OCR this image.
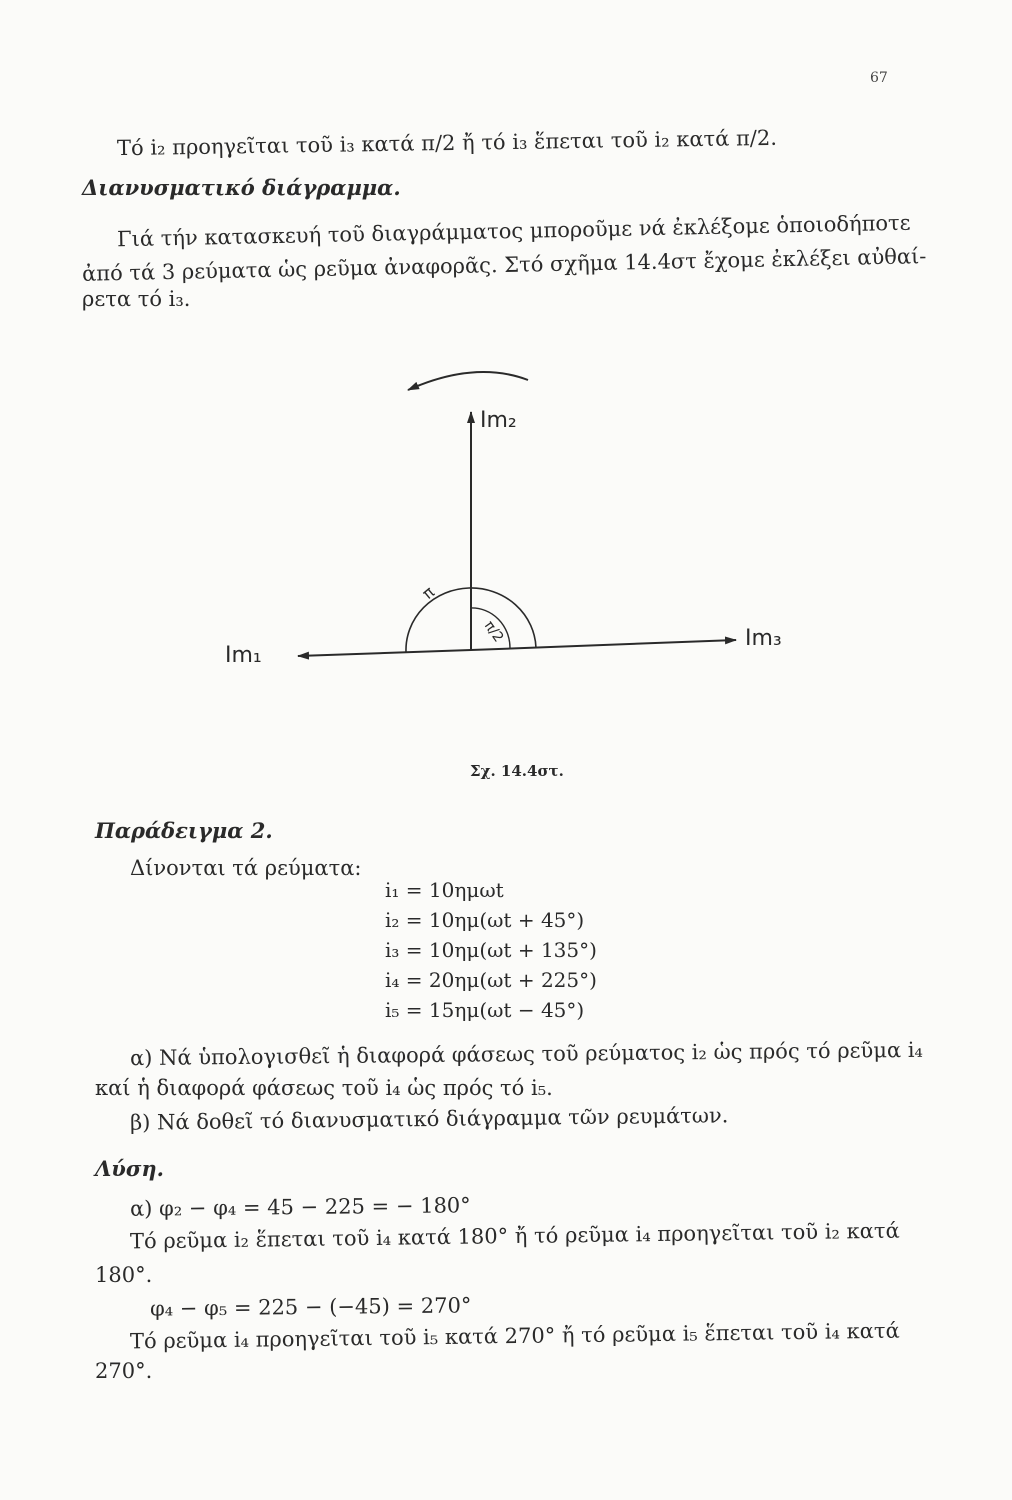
67
Τό i₂ προηγεῖται τοῦ i₃ κατά π/2 ἤ τό i₃ ἕπεται τοῦ i₂ κατά π/2.
Διανυσματικό διάγραμμα.
Γιά τήν κατασκευή τοῦ διαγράμματος μποροῦμε νά ἐκλέξομε ὁποιοδήποτε
ἀπό τά 3 ρεύματα ὡς ρεῦμα ἀναφορᾶς. Στό σχῆμα 14.4στ ἔχομε ἐκλέξει αὐθαί-
ρετα τό i₃.
Im₂
Im₃
Im₁
π
π/2
Σχ. 14.4στ.
Παράδειγμα 2.
Δίνονται τά ρεύματα:
i₁ = 10ημωt
i₂ = 10ημ(ωt + 45°)
i₃ = 10ημ(ωt + 135°)
i₄ = 20ημ(ωt + 225°)
i₅ = 15ημ(ωt − 45°)
α) Νά ὑπολογισθεῖ ἡ διαφορά φάσεως τοῦ ρεύματος i₂ ὡς πρός τό ρεῦμα i₄
καί ἡ διαφορά φάσεως τοῦ i₄ ὡς πρός τό i₅.
β) Νά δοθεῖ τό διανυσματικό διάγραμμα τῶν ρευμάτων.
Λύση.
α) φ₂ − φ₄ = 45 − 225 = − 180°
Τό ρεῦμα i₂ ἕπεται τοῦ i₄ κατά 180° ἤ τό ρεῦμα i₄ προηγεῖται τοῦ i₂ κατά
180°.
φ₄ − φ₅ = 225 − (−45) = 270°
Τό ρεῦμα i₄ προηγεῖται τοῦ i₅ κατά 270° ἤ τό ρεῦμα i₅ ἕπεται τοῦ i₄ κατά
270°.
